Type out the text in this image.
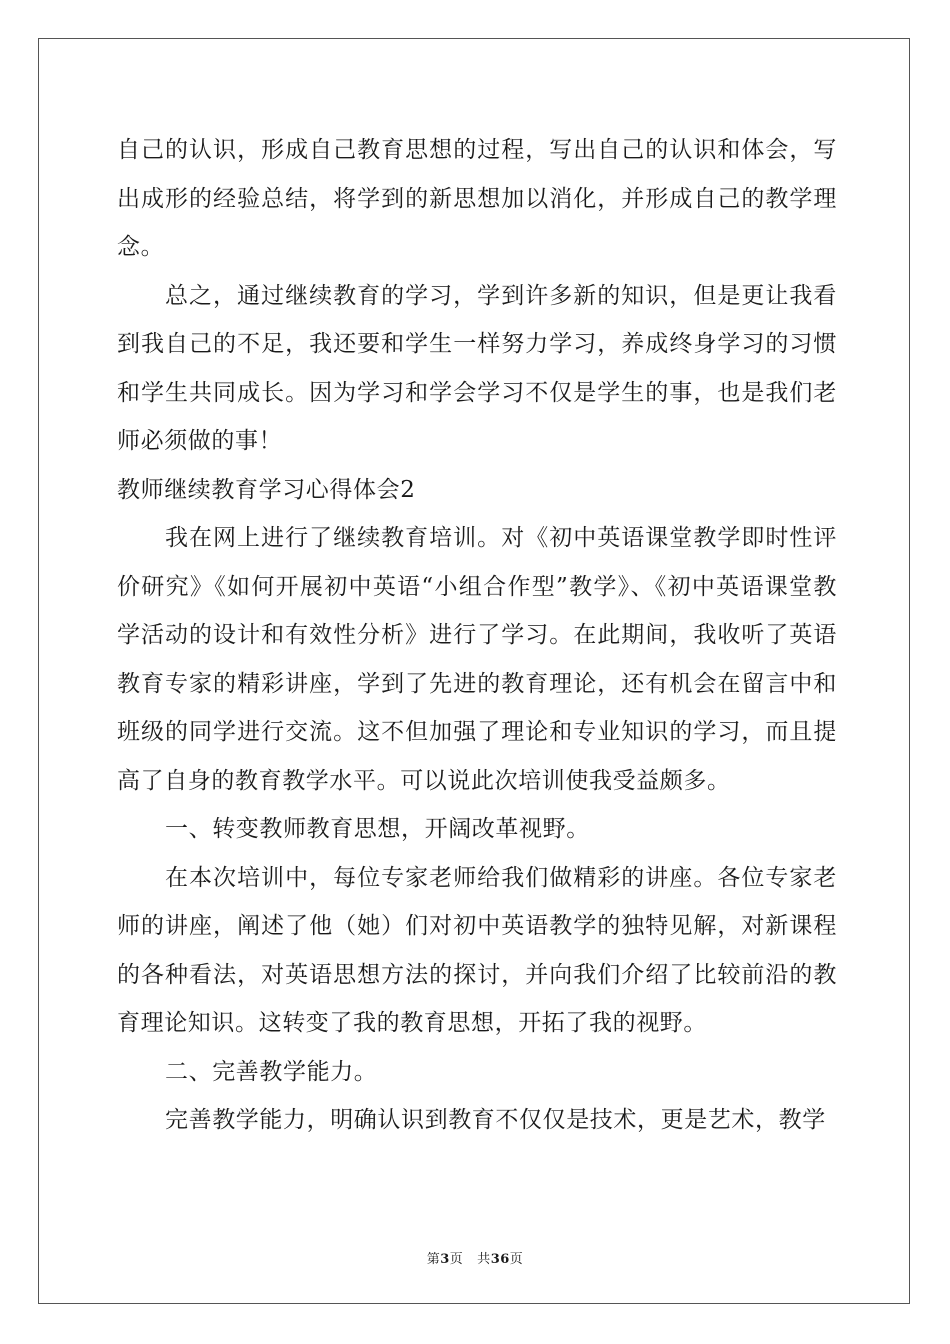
自己的认识，形成自己教育思想的过程，写出自己的认识和体会，写出成形的经验总结，将学到的新思想加以消化，并形成自己的教学理念。

总之，通过继续教育的学习，学到许多新的知识，但是更让我看到我自己的不足，我还要和学生一样努力学习，养成终身学习的习惯和学生共同成长。因为学习和学会学习不仅是学生的事，也是我们老师必须做的事！

教师继续教育学习心得体会2

我在网上进行了继续教育培训。对《初中英语课堂教学即时性评价研究》《如何开展初中英语“小组合作型”教学》、《初中英语课堂教学活动的设计和有效性分析》进行了学习。在此期间，我收听了英语教育专家的精彩讲座，学到了先进的教育理论，还有机会在留言中和班级的同学进行交流。这不但加强了理论和专业知识的学习，而且提高了自身的教育教学水平。可以说此次培训使我受益颇多。

一、转变教师教育思想，开阔改革视野。

在本次培训中，每位专家老师给我们做精彩的讲座。各位专家老师的讲座，阐述了他（她）们对初中英语教学的独特见解，对新课程的各种看法，对英语思想方法的探讨，并向我们介绍了比较前沿的教育理论知识。这转变了我的教育思想，开拓了我的视野。

二、完善教学能力。

完善教学能力，明确认识到教育不仅仅是技术，更是艺术，教学

第3页 共36页
